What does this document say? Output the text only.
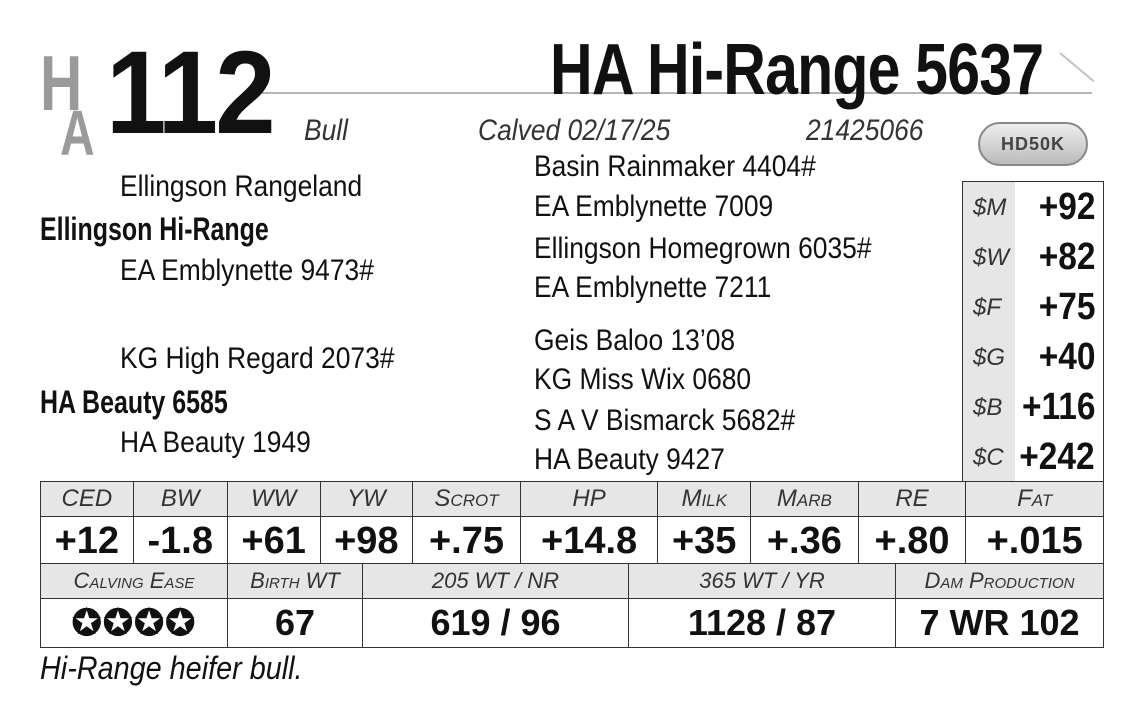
H
A 112	HA Hi-Range 5637
Bull	Calved 02/17/25	21425066	HD50K
Ellingson Rangeland
Ellingson Hi-Range
EA Emblynette 9473#
KG High Regard 2073#
HA Beauty 6585
HA Beauty 1949
Basin Rainmaker 4404#
EA Emblynette 7009
Ellingson Homegrown 6035#
EA Emblynette 7211
Geis Baloo 13’08
KG Miss Wix 0680
S A V Bismarck 5682#
HA Beauty 9427
$M +92
$W +82
$F +75
$G +40
$B +116
$C +242
CED	BW	WW	YW	Scrot	HP	Milk	Marb	RE	Fat
+12	-1.8	+61	+98	+.75	+14.8	+35	+.36	+.80	+.015
Calving Ease	Birth WT	205 WT / NR	365 WT / YR	Dam Production
✪✪✪✪	67	619 / 96	1128 / 87	7 WR 102
Hi-Range heifer bull.
